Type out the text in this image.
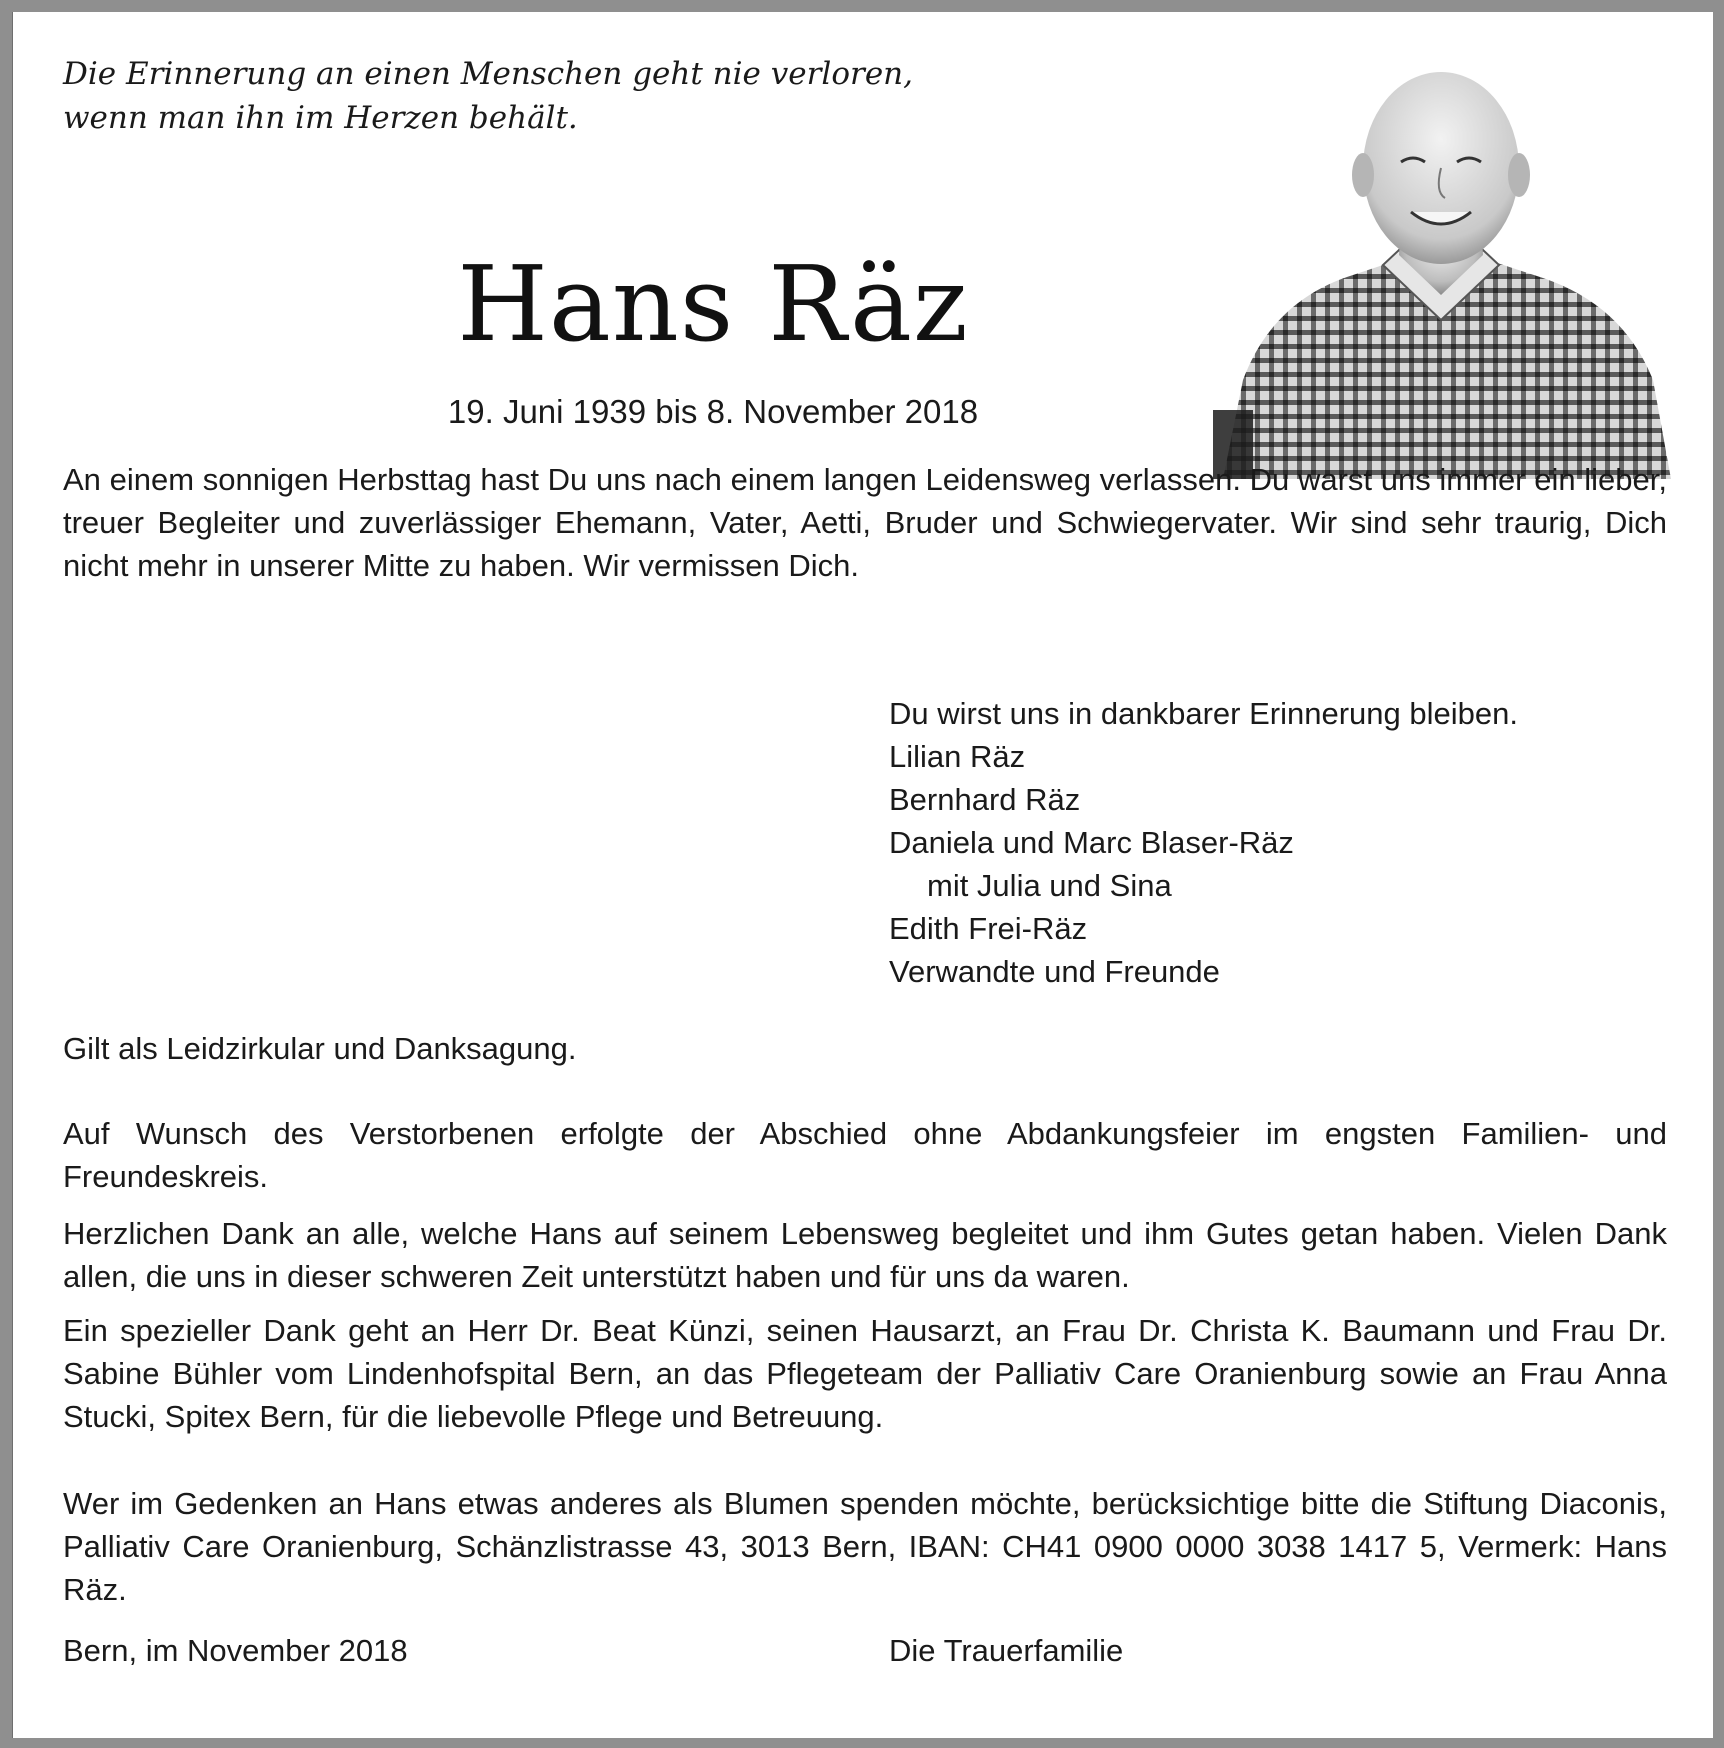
Die Erinnerung an einen Menschen geht nie verloren,
wenn man ihn im Herzen behält.
Hans Räz
19. Juni 1939 bis 8. November 2018
An einem sonnigen Herbsttag hast Du uns nach einem langen Leidensweg verlassen. Du warst uns immer ein lieber, treuer Begleiter und zuverlässiger Ehemann, Vater, Aetti, Bruder und Schwiegervater. Wir sind sehr traurig, Dich nicht mehr in unserer Mitte zu haben. Wir vermissen Dich.
Du wirst uns in dankbarer Erinnerung bleiben.
Lilian Räz
Bernhard Räz
Daniela und Marc Blaser-Räz
mit Julia und Sina
Edith Frei-Räz
Verwandte und Freunde
Gilt als Leidzirkular und Danksagung.
Auf Wunsch des Verstorbenen erfolgte der Abschied ohne Abdankungsfeier im engsten Familien- und Freundeskreis.
Herzlichen Dank an alle, welche Hans auf seinem Lebensweg begleitet und ihm Gutes getan haben. Vielen Dank allen, die uns in dieser schweren Zeit unterstützt haben und für uns da waren.
Ein spezieller Dank geht an Herr Dr. Beat Künzi, seinen Hausarzt, an Frau Dr. Christa K. Baumann und Frau Dr. Sabine Bühler vom Lindenhofspital Bern, an das Pflegeteam der Palliativ Care Oranienburg sowie an Frau Anna Stucki, Spitex Bern, für die liebevolle Pflege und Betreuung.
Wer im Gedenken an Hans etwas anderes als Blumen spenden möchte, berücksichtige bitte die Stiftung Diaconis, Palliativ Care Oranienburg, Schänzlistrasse 43, 3013 Bern, IBAN: CH41 0900 0000 3038 1417 5, Vermerk: Hans Räz.
Bern, im November 2018	Die Trauerfamilie
